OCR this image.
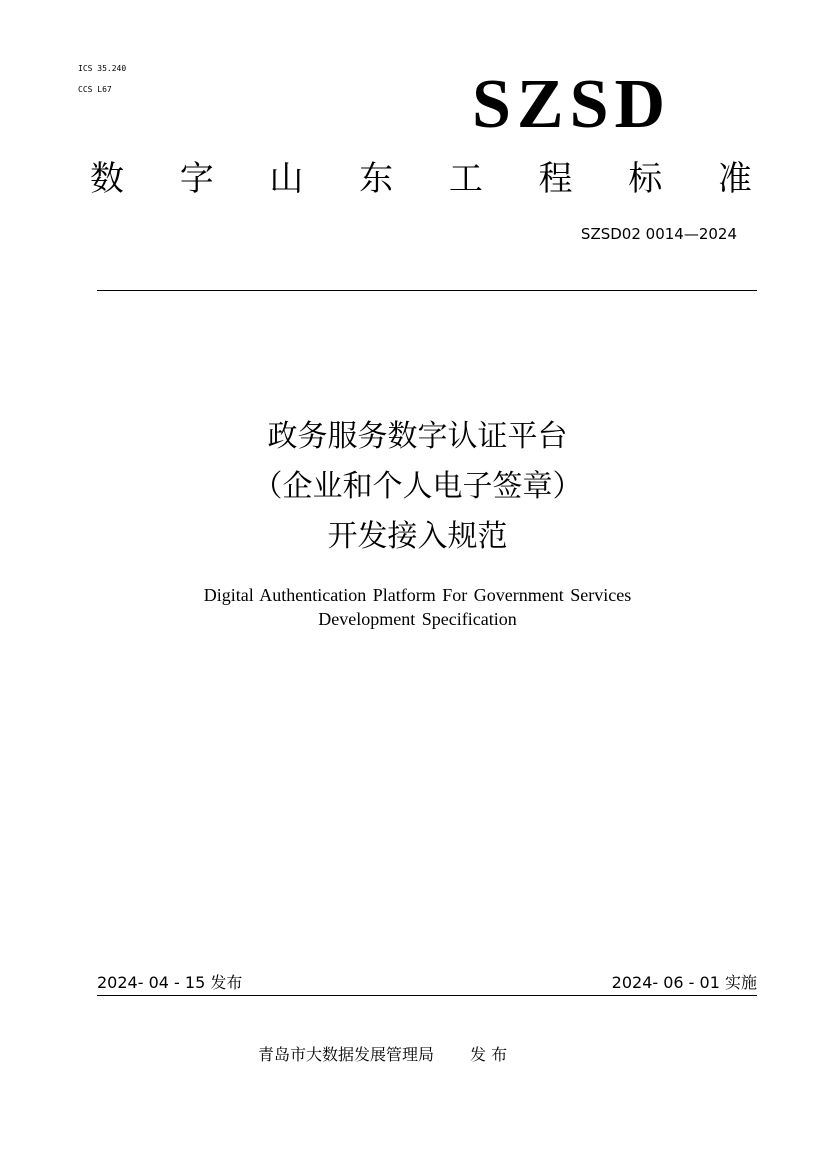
ICS 35.240
CCS L67	SZSD
数 字 山 东 工 程 标 准
SZSD02 0014—2024
政务服务数字认证平台
（企业和个人电子签章）
开发接入规范
Digital Authentication Platform For Government Services
Development Specification
2024- 04 - 15 发布	2024- 06 - 01 实施
青岛市大数据发展管理局 发 布
